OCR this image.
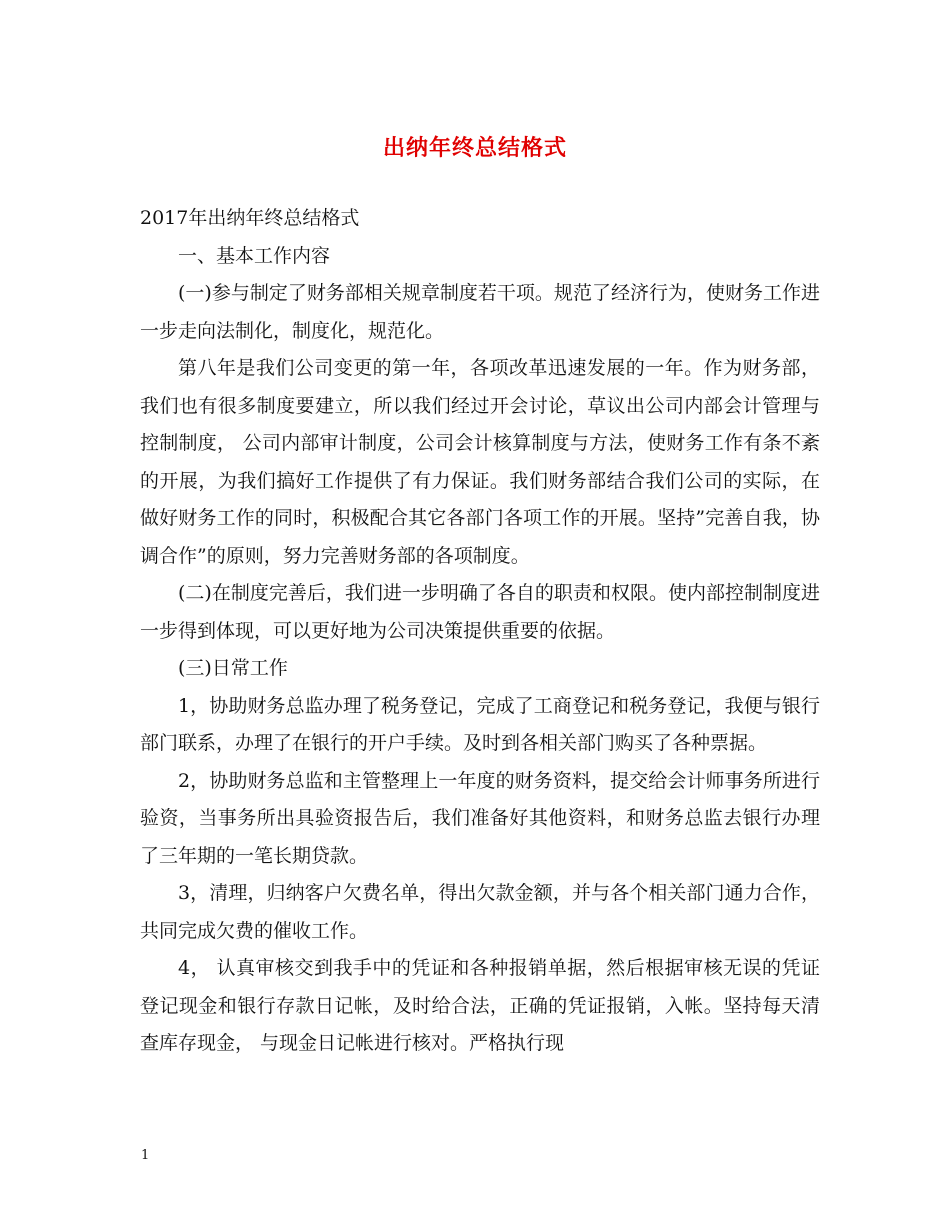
出纳年终总结格式

2017年出纳年终总结格式

一、基本工作内容

(一)参与制定了财务部相关规章制度若干项。规范了经济行为，使财务工作进一步走向法制化，制度化，规范化。

第八年是我们公司变更的第一年，各项改革迅速发展的一年。作为财务部，我们也有很多制度要建立，所以我们经过开会讨论，草议出公司内部会计管理与控制制度， 公司内部审计制度，公司会计核算制度与方法，使财务工作有条不紊的开展，为我们搞好工作提供了有力保证。我们财务部结合我们公司的实际，在做好财务工作的同时，积极配合其它各部门各项工作的开展。坚持”完善自我，协调合作”的原则，努力完善财务部的各项制度。

(二)在制度完善后，我们进一步明确了各自的职责和权限。使内部控制制度进一步得到体现，可以更好地为公司决策提供重要的依据。

(三)日常工作

1，协助财务总监办理了税务登记，完成了工商登记和税务登记，我便与银行部门联系，办理了在银行的开户手续。及时到各相关部门购买了各种票据。

2，协助财务总监和主管整理上一年度的财务资料，提交给会计师事务所进行验资，当事务所出具验资报告后，我们准备好其他资料，和财务总监去银行办理了三年期的一笔长期贷款。

3，清理，归纳客户欠费名单，得出欠款金额，并与各个相关部门通力合作，共同完成欠费的催收工作。

4， 认真审核交到我手中的凭证和各种报销单据，然后根据审核无误的凭证登记现金和银行存款日记帐，及时给合法，正确的凭证报销，入帐。坚持每天清查库存现金， 与现金日记帐进行核对。严格执行现

1
